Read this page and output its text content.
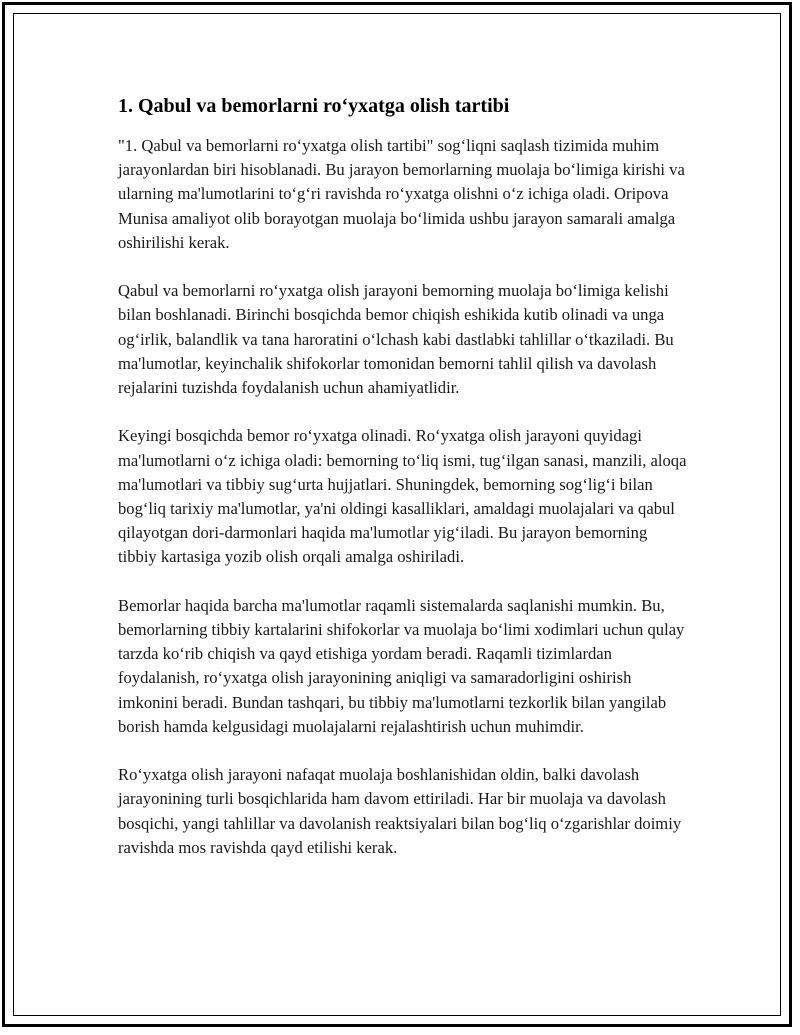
1. Qabul va bemorlarni ro‘yxatga olish tartibi

"1. Qabul va bemorlarni ro‘yxatga olish tartibi" sog‘liqni saqlash tizimida muhim jarayonlardan biri hisoblanadi. Bu jarayon bemorlarning muolaja bo‘limiga kirishi va ularning ma'lumotlarini to‘g‘ri ravishda ro‘yxatga olishni o‘z ichiga oladi. Oripova Munisa amaliyot olib borayotgan muolaja bo‘limida ushbu jarayon samarali amalga oshirilishi kerak.

Qabul va bemorlarni ro‘yxatga olish jarayoni bemorning muolaja bo‘limiga kelishi bilan boshlanadi. Birinchi bosqichda bemor chiqish eshikida kutib olinadi va unga og‘irlik, balandlik va tana haroratini o‘lchash kabi dastlabki tahlillar o‘tkaziladi. Bu ma'lumotlar, keyinchalik shifokorlar tomonidan bemorni tahlil qilish va davolash rejalarini tuzishda foydalanish uchun ahamiyatlidir.

Keyingi bosqichda bemor ro‘yxatga olinadi. Ro‘yxatga olish jarayoni quyidagi ma'lumotlarni o‘z ichiga oladi: bemorning to‘liq ismi, tug‘ilgan sanasi, manzili, aloqa ma'lumotlari va tibbiy sug‘urta hujjatlari. Shuningdek, bemorning sog‘lig‘i bilan bog‘liq tarixiy ma'lumotlar, ya'ni oldingi kasalliklari, amaldagi muolajalari va qabul qilayotgan dori-darmonlari haqida ma'lumotlar yig‘iladi. Bu jarayon bemorning tibbiy kartasiga yozib olish orqali amalga oshiriladi.

Bemorlar haqida barcha ma'lumotlar raqamli sistemalarda saqlanishi mumkin. Bu, bemorlarning tibbiy kartalarini shifokorlar va muolaja bo‘limi xodimlari uchun qulay tarzda ko‘rib chiqish va qayd etishiga yordam beradi. Raqamli tizimlardan foydalanish, ro‘yxatga olish jarayonining aniqligi va samaradorligini oshirish imkonini beradi. Bundan tashqari, bu tibbiy ma'lumotlarni tezkorlik bilan yangilab borish hamda kelgusidagi muolajalarni rejalashtirish uchun muhimdir.

Ro‘yxatga olish jarayoni nafaqat muolaja boshlanishidan oldin, balki davolash jarayonining turli bosqichlarida ham davom ettiriladi. Har bir muolaja va davolash bosqichi, yangi tahlillar va davolanish reaktsiyalari bilan bog‘liq o‘zgarishlar doimiy ravishda mos ravishda qayd etilishi kerak.
